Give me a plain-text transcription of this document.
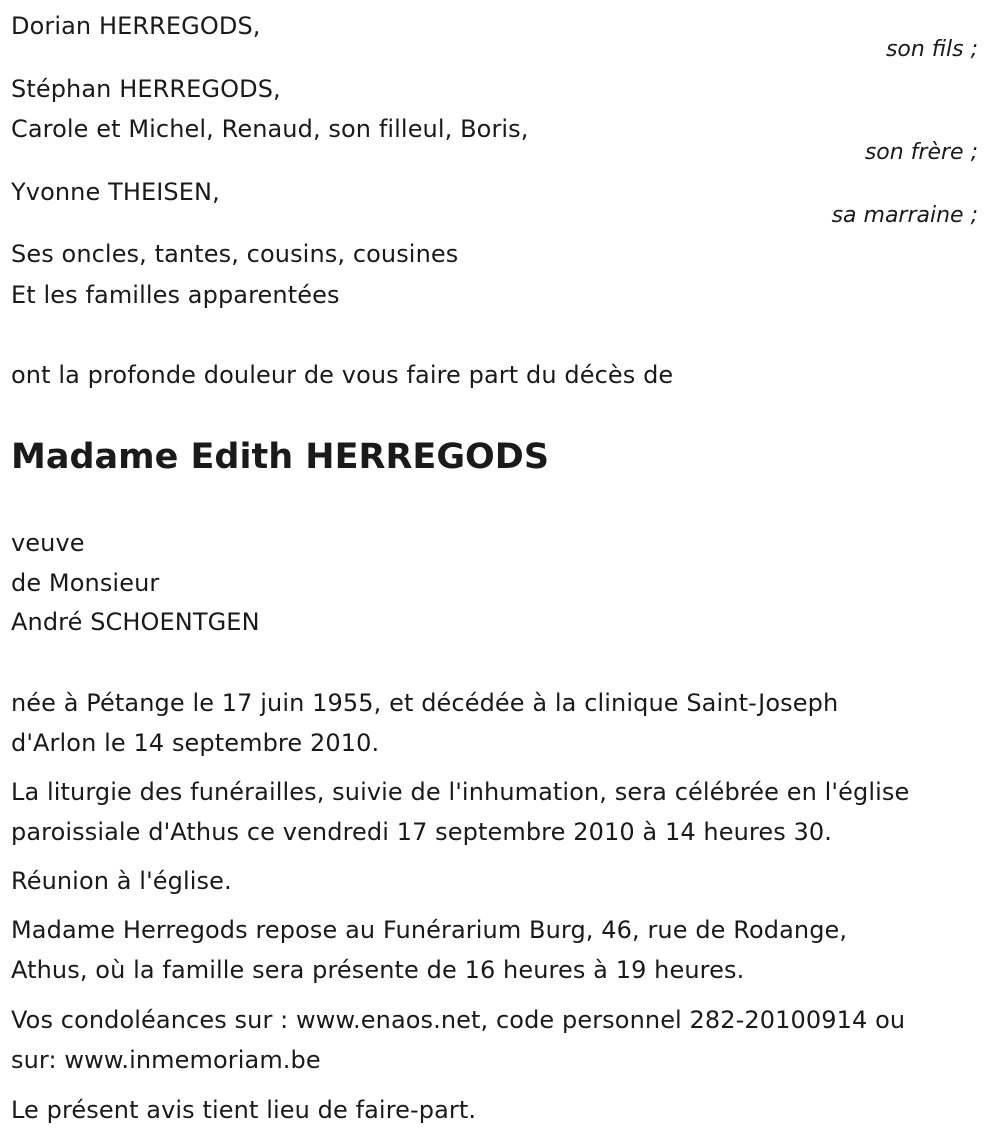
Dorian HERREGODS,
son fils ;
Stéphan HERREGODS,
Carole et Michel, Renaud, son filleul, Boris,
son frère ;
Yvonne THEISEN,
sa marraine ;
Ses oncles, tantes, cousins, cousines
Et les familles apparentées
ont la profonde douleur de vous faire part du décès de
Madame Edith HERREGODS
veuve
de Monsieur
André SCHOENTGEN
née à Pétange le 17 juin 1955, et décédée à la clinique Saint-Joseph
d'Arlon le 14 septembre 2010.
La liturgie des funérailles, suivie de l'inhumation, sera célébrée en l'église
paroissiale d'Athus ce vendredi 17 septembre 2010 à 14 heures 30.
Réunion à l'église.
Madame Herregods repose au Funérarium Burg, 46, rue de Rodange,
Athus, où la famille sera présente de 16 heures à 19 heures.
Vos condoléances sur : www.enaos.net, code personnel 282-20100914 ou
sur: www.inmemoriam.be
Le présent avis tient lieu de faire-part.
